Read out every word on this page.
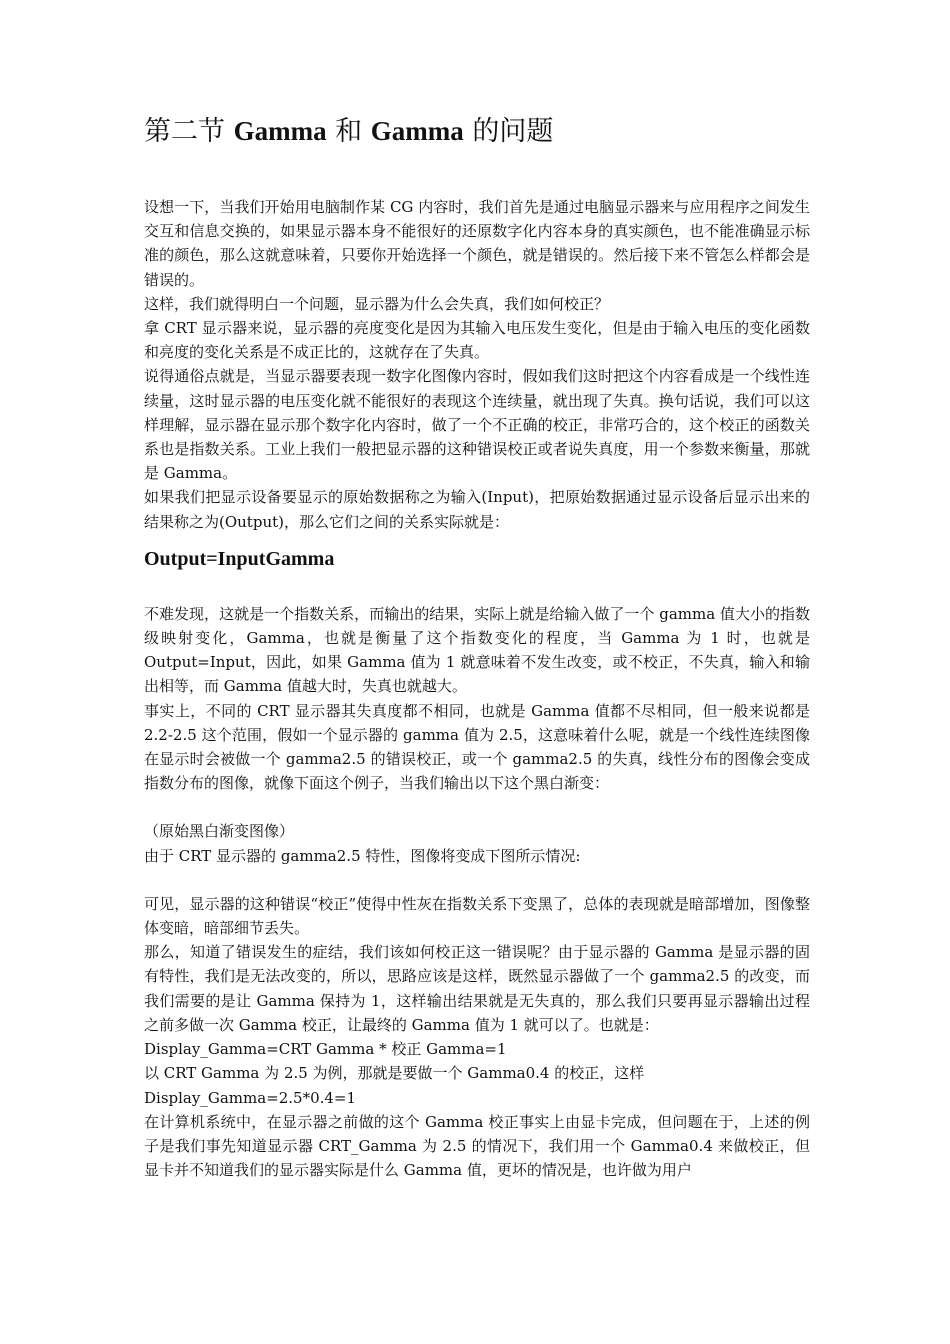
第二节 Gamma 和 Gamma 的问题

设想一下，当我们开始用电脑制作某 CG 内容时，我们首先是通过电脑显示器来与应用程序之间发生交互和信息交换的，如果显示器本身不能很好的还原数字化内容本身的真实颜色，也不能准确显示标准的颜色，那么这就意味着，只要你开始选择一个颜色，就是错误的。然后接下来不管怎么样都会是错误的。

这样，我们就得明白一个问题，显示器为什么会失真，我们如何校正？

拿 CRT 显示器来说，显示器的亮度变化是因为其输入电压发生变化，但是由于输入电压的变化函数和亮度的变化关系是不成正比的，这就存在了失真。

说得通俗点就是，当显示器要表现一数字化图像内容时，假如我们这时把这个内容看成是一个线性连续量，这时显示器的电压变化就不能很好的表现这个连续量，就出现了失真。换句话说，我们可以这样理解，显示器在显示那个数字化内容时，做了一个不正确的校正，非常巧合的，这个校正的函数关系也是指数关系。工业上我们一般把显示器的这种错误校正或者说失真度，用一个参数来衡量，那就是 Gamma。

如果我们把显示设备要显示的原始数据称之为输入(Input)，把原始数据通过显示设备后显示出来的结果称之为(Output)，那么它们之间的关系实际就是：

Output=InputGamma

不难发现，这就是一个指数关系，而输出的结果，实际上就是给输入做了一个 gamma 值大小的指数级映射变化，Gamma，也就是衡量了这个指数变化的程度，当 Gamma 为 1 时，也就是 Output=Input，因此，如果 Gamma 值为 1 就意味着不发生改变，或不校正，不失真，输入和输出相等，而 Gamma 值越大时，失真也就越大。

事实上，不同的 CRT 显示器其失真度都不相同，也就是 Gamma 值都不尽相同，但一般来说都是 2.2-2.5 这个范围，假如一个显示器的 gamma 值为 2.5，这意味着什么呢，就是一个线性连续图像在显示时会被做一个 gamma2.5 的错误校正，或一个 gamma2.5 的失真，线性分布的图像会变成指数分布的图像，就像下面这个例子，当我们输出以下这个黑白渐变：

（原始黑白渐变图像）

由于 CRT 显示器的 gamma2.5 特性，图像将变成下图所示情况:

可见，显示器的这种错误“校正”使得中性灰在指数关系下变黑了，总体的表现就是暗部增加，图像整体变暗，暗部细节丢失。

那么，知道了错误发生的症结，我们该如何校正这一错误呢？由于显示器的 Gamma 是显示器的固有特性，我们是无法改变的，所以，思路应该是这样，既然显示器做了一个 gamma2.5 的改变，而我们需要的是让 Gamma 保持为 1，这样输出结果就是无失真的，那么我们只要再显示器输出过程之前多做一次 Gamma 校正，让最终的 Gamma 值为 1 就可以了。也就是：

Display_Gamma=CRT Gamma * 校正 Gamma=1

以 CRT Gamma 为 2.5 为例，那就是要做一个 Gamma0.4 的校正，这样

Display_Gamma=2.5*0.4=1

在计算机系统中，在显示器之前做的这个 Gamma 校正事实上由显卡完成，但问题在于，上述的例子是我们事先知道显示器 CRT_Gamma 为 2.5 的情况下，我们用一个 Gamma0.4 来做校正，但显卡并不知道我们的显示器实际是什么 Gamma 值，更坏的情况是，也许做为用户
